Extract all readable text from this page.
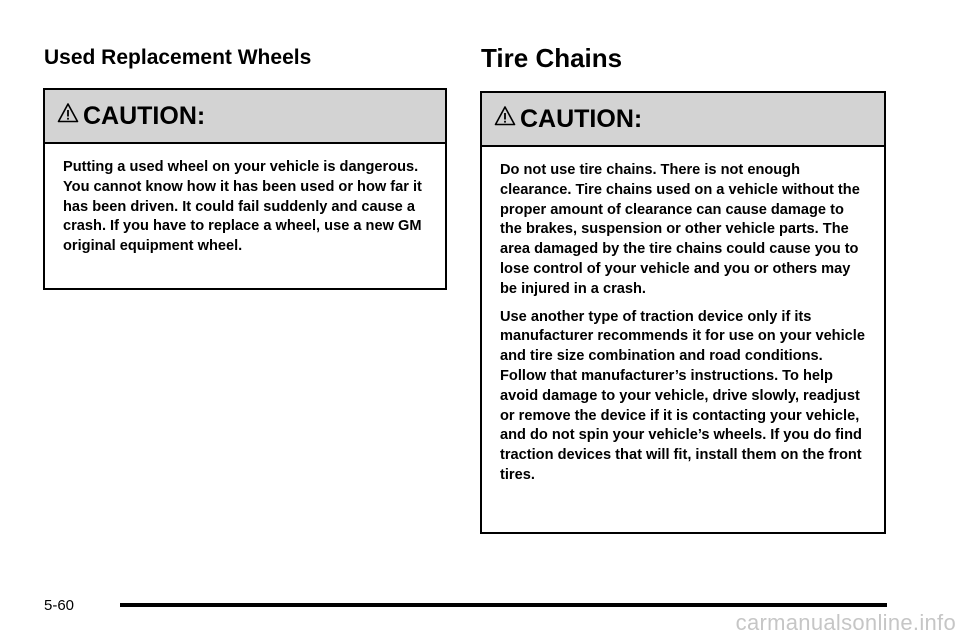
Used Replacement Wheels
CAUTION:

Putting a used wheel on your vehicle is dangerous. You cannot know how it has been used or how far it has been driven. It could fail suddenly and cause a crash. If you have to replace a wheel, use a new GM original equipment wheel.

Tire Chains
CAUTION:

Do not use tire chains. There is not enough clearance. Tire chains used on a vehicle without the proper amount of clearance can cause damage to the brakes, suspension or other vehicle parts. The area damaged by the tire chains could cause you to lose control of your vehicle and you or others may be injured in a crash.

Use another type of traction device only if its manufacturer recommends it for use on your vehicle and tire size combination and road conditions. Follow that manufacturer’s instructions. To help avoid damage to your vehicle, drive slowly, readjust or remove the device if it is contacting your vehicle, and do not spin your vehicle’s wheels. If you do find traction devices that will fit, install them on the front tires.

5-60
carmanualsonline.info
